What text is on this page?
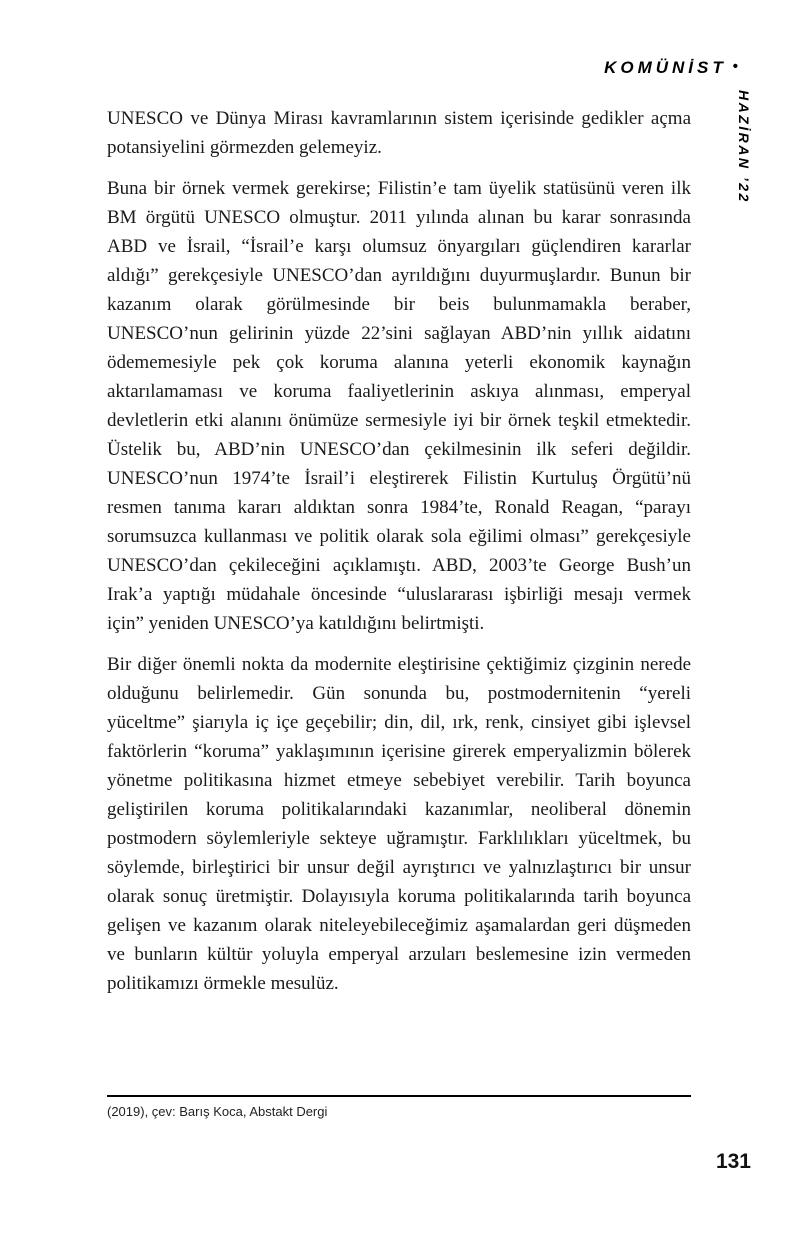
KOMÜNİST •
HAZİRAN ’22

UNESCO ve Dünya Mirası kavramlarının sistem içerisinde gedikler açma potansiyelini görmezden gelemeyiz.

Buna bir örnek vermek gerekirse; Filistin’e tam üyelik statüsünü veren ilk BM örgütü UNESCO olmuştur. 2011 yılında alınan bu karar sonrasında ABD ve İsrail, “İsrail’e karşı olumsuz önyargıları güçlendiren kararlar aldığı” gerekçesiyle UNESCO’dan ayrıldığını duyurmuşlardır. Bunun bir kazanım olarak görülmesinde bir beis bulunmamakla beraber, UNESCO’nun gelirinin yüzde 22’sini sağlayan ABD’nin yıllık aidatını ödememesiyle pek çok koruma alanına yeterli ekonomik kaynağın aktarılamaması ve koruma faaliyetlerinin askıya alınması, emperyal devletlerin etki alanını önümüze sermesiyle iyi bir örnek teşkil etmektedir. Üstelik bu, ABD’nin UNESCO’dan çekilmesinin ilk seferi değildir. UNESCO’nun 1974’te İsrail’i eleştirerek Filistin Kurtuluş Örgütü’nü resmen tanıma kararı aldıktan sonra 1984’te, Ronald Reagan, “parayı sorumsuzca kullanması ve politik olarak sola eğilimi olması” gerekçesiyle UNESCO’dan çekileceğini açıklamıştı. ABD, 2003’te George Bush’un Irak’a yaptığı müdahale öncesinde “uluslararası işbirliği mesajı vermek için” yeniden UNESCO’ya katıldığını belirtmişti.

Bir diğer önemli nokta da modernite eleştirisine çektiğimiz çizginin nerede olduğunu belirlemedir. Gün sonunda bu, postmodernitenin “yereli yüceltme” şiarıyla iç içe geçebilir; din, dil, ırk, renk, cinsiyet gibi işlevsel faktörlerin “koruma” yaklaşımının içerisine girerek emperyalizmin bölerek yönetme politikasına hizmet etmeye sebebiyet verebilir. Tarih boyunca geliştirilen koruma politikalarındaki kazanımlar, neoliberal dönemin postmodern söylemleriyle sekteye uğramıştır. Farklılıkları yüceltmek, bu söylemde, birleştirici bir unsur değil ayrıştırıcı ve yalnızlaştırıcı bir unsur olarak sonuç üretmiştir. Dolayısıyla koruma politikalarında tarih boyunca gelişen ve kazanım olarak niteleyebileceğimiz aşamalardan geri düşmeden ve bunların kültür yoluyla emperyal arzuları beslemesine izin vermeden politikamızı örmekle mesulüz.

(2019), çev: Barış Koca, Abstakt Dergi
131
